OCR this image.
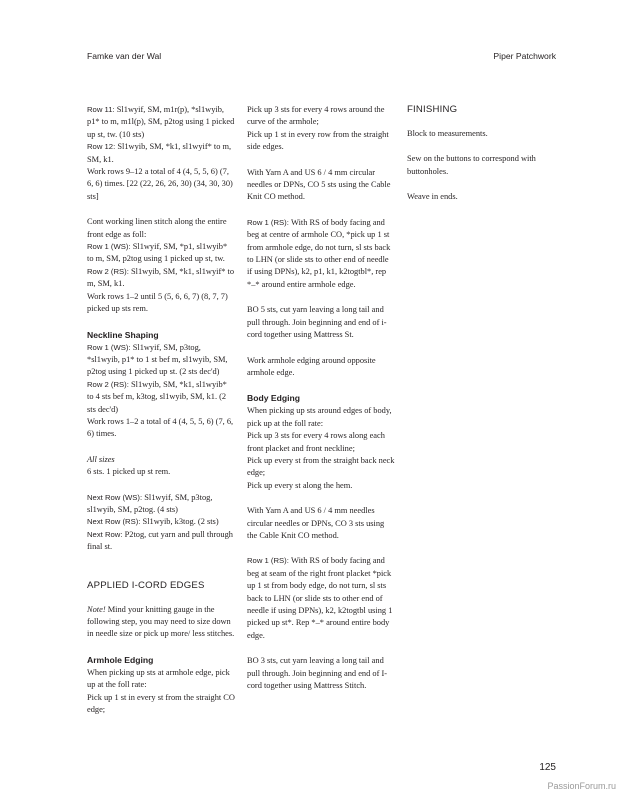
Famke van der Wal	Piper Patchwork

Row 11: Sl1wyif, SM, m1r(p), *sl1wyib, p1* to m, m1l(p), SM, p2tog using 1 picked up st, tw. (10 sts)
Row 12: Sl1wyib, SM, *k1, sl1wyif* to m, SM, k1.
Work rows 9–12 a total of 4 (4, 5, 5, 6) (7, 6, 6) times. [22 (22, 26, 26, 30) (34, 30, 30) sts]

Cont working linen stitch along the entire front edge as foll:
Row 1 (WS): Sl1wyif, SM, *p1, sl1wyib* to m, SM, p2tog using 1 picked up st, tw.
Row 2 (RS): Sl1wyib, SM, *k1, sl1wyif* to m, SM, k1.
Work rows 1–2 until 5 (5, 6, 6, 7) (8, 7, 7) picked up sts rem.

Neckline Shaping

Row 1 (WS): Sl1wyif, SM, p3tog, *sl1wyib, p1* to 1 st bef m, sl1wyib, SM, p2tog using 1 picked up st. (2 sts dec'd)
Row 2 (RS): Sl1wyib, SM, *k1, sl1wyib* to 4 sts bef m, k3tog, sl1wyib, SM, k1. (2 sts dec'd)
Work rows 1–2 a total of 4 (4, 5, 5, 6) (7, 6, 6) times.

All sizes
6 sts. 1 picked up st rem.

Next Row (WS): Sl1wyif, SM, p3tog, sl1wyib, SM, p2tog. (4 sts)
Next Row (RS): Sl1wyib, k3tog. (2 sts)
Next Row: P2tog, cut yarn and pull through final st.

APPLIED I-CORD EDGES

Note! Mind your knitting gauge in the following step, you may need to size down in needle size or pick up more/ less stitches.

Armhole Edging

When picking up sts at armhole edge, pick up at the foll rate:

Pick up 1 st in every st from the straight CO edge;

Pick up 3 sts for every 4 rows around the curve of the armhole;

Pick up 1 st in every row from the straight side edges.

With Yarn A and US 6 / 4 mm circular needles or DPNs, CO 5 sts using the Cable Knit CO method.

Row 1 (RS): With RS of body facing and beg at centre of armhole CO, *pick up 1 st from armhole edge, do not turn, sl sts back to LHN (or slide sts to other end of needle if using DPNs), k2, p1, k1, k2togtbl*, rep *–* around entire armhole edge.

BO 5 sts, cut yarn leaving a long tail and pull through. Join beginning and end of i-cord together using Mattress St.

Work armhole edging around opposite armhole edge.

Body Edging

When picking up sts around edges of body, pick up at the foll rate:

Pick up 3 sts for every 4 rows along each front placket and front neckline;

Pick up every st from the straight back neck edge;

Pick up every st along the hem.

With Yarn A and US 6 / 4 mm needles circular needles or DPNs, CO 3 sts using the Cable Knit CO method.

Row 1 (RS): With RS of body facing and beg at seam of the right front placket *pick up 1 st from body edge, do not turn, sl sts back to LHN (or slide sts to other end of needle if using DPNs), k2, k2togtbl using 1 picked up st*. Rep *–* around entire body edge.

BO 3 sts, cut yarn leaving a long tail and pull through. Join beginning and end of I-cord together using Mattress Stitch.

FINISHING

Block to measurements.

Sew on the buttons to correspond with buttonholes.

Weave in ends.

125
PassionForum.ru
